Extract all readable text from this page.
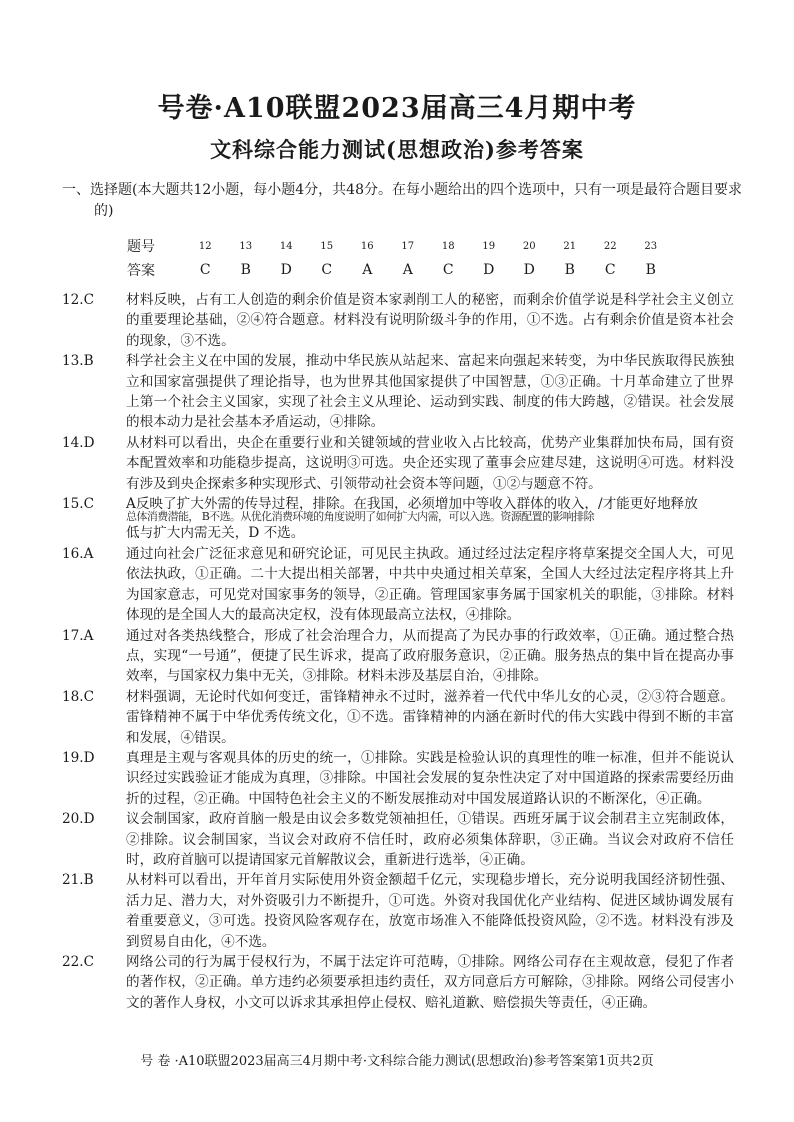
号卷·A10联盟2023届高三4月期中考
文科综合能力测试(思想政治)参考答案

一、选择题(本大题共12小题，每小题4分，共48分。在每小题给出的四个选项中，只有一项是最符合题目要求的)

题号	12	13	14	15	16	17	18	19	20	21	22	23
答案	C	B	D	C	A	A	C	D	D	B	C	B
12.C	材料反映，占有工人创造的剩余价值是资本家剥削工人的秘密，而剩余价值学说是科学社会主义创立的重要理论基础，②④符合题意。材料没有说明阶级斗争的作用，①不选。占有剩余价值是资本社会的现象，③不选。
13.B	科学社会主义在中国的发展，推动中华民族从站起来、富起来向强起来转变，为中华民族取得民族独立和国家富强提供了理论指导，也为世界其他国家提供了中国智慧，①③正确。十月革命建立了世界上第一个社会主义国家，实现了社会主义从理论、运动到实践、制度的伟大跨越，②错误。社会发展的根本动力是社会基本矛盾运动，④排除。
14.D	从材料可以看出，央企在重要行业和关键领域的营业收入占比较高，优势产业集群加快布局，国有资本配置效率和功能稳步提高，这说明③可选。央企还实现了董事会应建尽建，这说明④可选。材料没有涉及到央企探索多种实现形式、引领带动社会资本等问题，①②与题意不符。
15.C	A反映了扩大外需的传导过程，排除。在我国，必须增加中等收入群体的收入，/才能更好地释放
总体消费潜能， B不选。从优化消费环境的角度说明了如何扩大内需，可以入选。资源配置的影响排除
低与扩大内需无关，D 不选。
16.A	通过向社会广泛征求意见和研究论证，可见民主执政。通过经过法定程序将草案提交全国人大，可见依法执政，①正确。二十大提出相关部署，中共中央通过相关草案，全国人大经过法定程序将其上升为国家意志，可见党对国家事务的领导，②正确。管理国家事务属于国家机关的职能，③排除。材料体现的是全国人大的最高决定权，没有体现最高立法权，④排除。
17.A	通过对各类热线整合，形成了社会治理合力，从而提高了为民办事的行政效率，①正确。通过整合热点，实现“一号通”，便捷了民生诉求，提高了政府服务意识，②正确。服务热点的集中旨在提高办事效率，与国家权力集中无关，③排除。材料未涉及基层自治，④排除。
18.C	材料强调，无论时代如何变迁，雷锋精神永不过时，滋养着一代代中华儿女的心灵，②③符合题意。雷锋精神不属于中华优秀传统文化，①不选。雷锋精神的内涵在新时代的伟大实践中得到不断的丰富和发展，④错误。
19.D	真理是主观与客观具体的历史的统一，①排除。实践是检验认识的真理性的唯一标准，但并不能说认识经过实践验证才能成为真理，③排除。中国社会发展的复杂性决定了对中国道路的探索需要经历曲折的过程，②正确。中国特色社会主义的不断发展推动对中国发展道路认识的不断深化，④正确。
20.D	议会制国家，政府首脑一般是由议会多数党领袖担任，①错误。西班牙属于议会制君主立宪制政体，②排除。议会制国家，当议会对政府不信任时，政府必须集体辞职，③正确。当议会对政府不信任时，政府首脑可以提请国家元首解散议会，重新进行选举，④正确。
21.B	从材料可以看出，开年首月实际使用外资金额超千亿元，实现稳步增长，充分说明我国经济韧性强、活力足、潜力大，对外资吸引力不断提升，①可选。外资对我国优化产业结构、促进区域协调发展有着重要意义，③可选。投资风险客观存在，放宽市场准入不能降低投资风险，②不选。材料没有涉及到贸易自由化，④不选。
22.C	网络公司的行为属于侵权行为，不属于法定许可范畴，①排除。网络公司存在主观故意，侵犯了作者的著作权，②正确。单方违约必须要承担违约责任，双方同意后方可解除，③排除。网络公司侵害小文的著作人身权，小文可以诉求其承担停止侵权、赔礼道歉、赔偿损失等责任，④正确。

号 卷 ·A10联盟2023届高三4月期中考·文科综合能力测试(思想政治)参考答案第1页共2页
